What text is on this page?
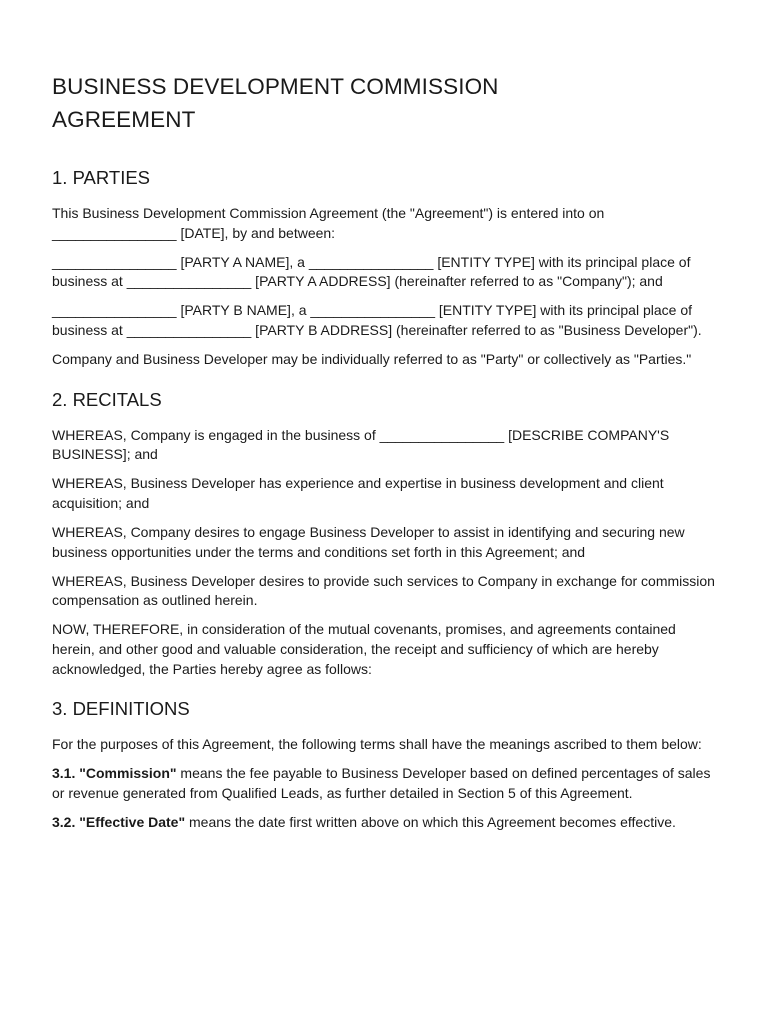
BUSINESS DEVELOPMENT COMMISSION
AGREEMENT
1. PARTIES

This Business Development Commission Agreement (the "Agreement") is entered into on ________________ [DATE], by and between:

________________ [PARTY A NAME], a ________________ [ENTITY TYPE] with its principal place of business at ________________ [PARTY A ADDRESS] (hereinafter referred to as "Company"); and

________________ [PARTY B NAME], a ________________ [ENTITY TYPE] with its principal place of business at ________________ [PARTY B ADDRESS] (hereinafter referred to as "Business Developer").

Company and Business Developer may be individually referred to as "Party" or collectively as "Parties."

2. RECITALS

WHEREAS, Company is engaged in the business of ________________ [DESCRIBE COMPANY'S BUSINESS]; and

WHEREAS, Business Developer has experience and expertise in business development and client acquisition; and

WHEREAS, Company desires to engage Business Developer to assist in identifying and securing new business opportunities under the terms and conditions set forth in this Agreement; and

WHEREAS, Business Developer desires to provide such services to Company in exchange for commission compensation as outlined herein.

NOW, THEREFORE, in consideration of the mutual covenants, promises, and agreements contained herein, and other good and valuable consideration, the receipt and sufficiency of which are hereby acknowledged, the Parties hereby agree as follows:

3. DEFINITIONS

For the purposes of this Agreement, the following terms shall have the meanings ascribed to them below:

3.1. "Commission" means the fee payable to Business Developer based on defined percentages of sales or revenue generated from Qualified Leads, as further detailed in Section 5 of this Agreement.

3.2. "Effective Date" means the date first written above on which this Agreement becomes effective.
